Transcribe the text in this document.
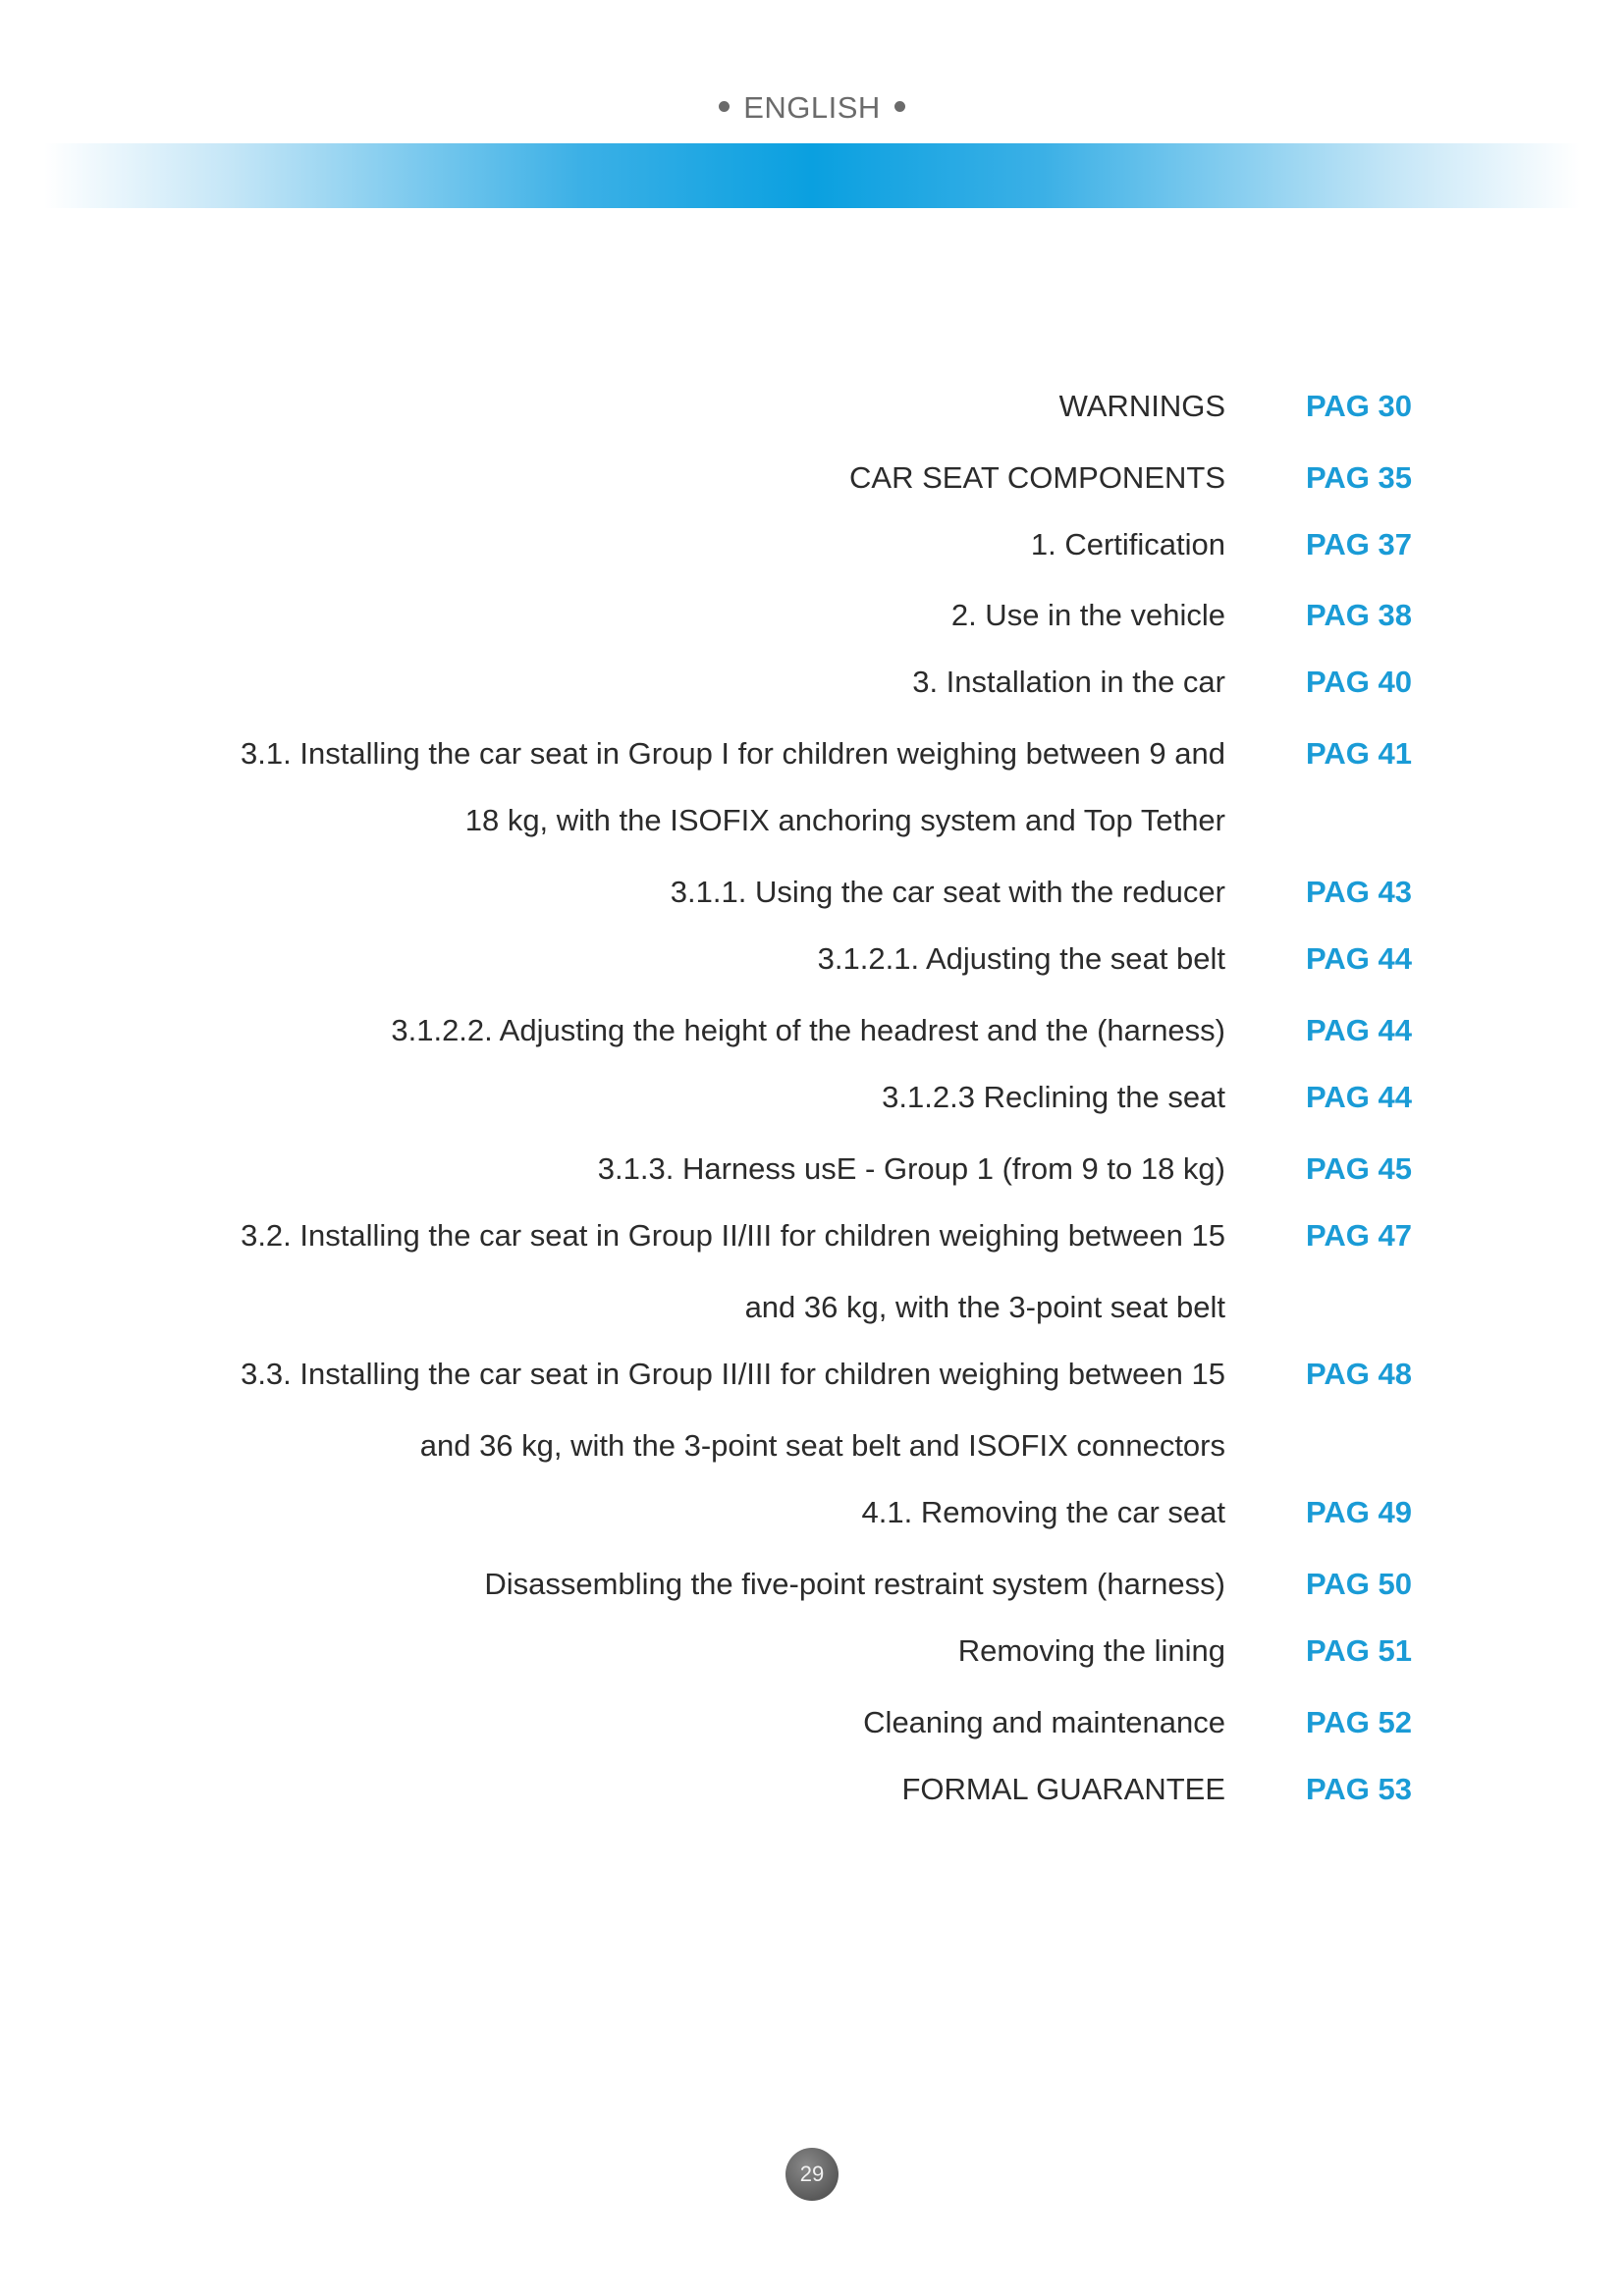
ENGLISH
WARNINGS	PAG 30
CAR SEAT COMPONENTS	PAG 35
1. Certification	PAG 37
2. Use in the vehicle	PAG 38
3. Installation in the car	PAG 40
3.1. Installing the car seat in Group I for children weighing between 9 and	PAG 41
18 kg, with the ISOFIX anchoring system and Top Tether
3.1.1. Using the car seat with the reducer	PAG 43
3.1.2.1. Adjusting the seat belt	PAG 44
3.1.2.2. Adjusting the height of the headrest and the (harness)	PAG 44
3.1.2.3 Reclining the seat	PAG 44
3.1.3. Harness usE - Group 1 (from 9 to 18 kg)	PAG 45
3.2. Installing the car seat in Group II/III for children weighing between 15	PAG 47
and 36 kg, with the 3-point seat belt
3.3. Installing the car seat in Group II/III for children weighing between 15	PAG 48
and 36 kg, with the 3-point seat belt and ISOFIX connectors
4.1. Removing the car seat	PAG 49
Disassembling the five-point restraint system (harness)	PAG 50
Removing the lining	PAG 51
Cleaning and maintenance	PAG 52
FORMAL GUARANTEE	PAG 53
29
